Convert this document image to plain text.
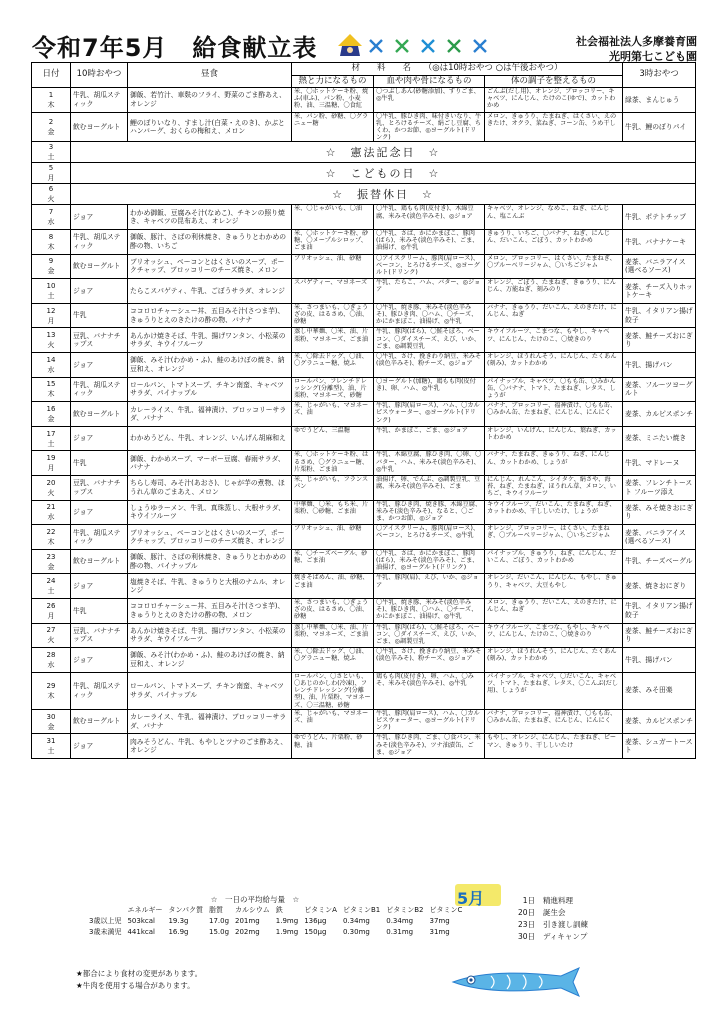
令和7年5月　給食献立表	社会福祉法人多摩養育園
光明第七こども園
日付	10時おやつ	昼食	材　　料　　名　　（◎は10時おやつ ○は午後おやつ）			3時おやつ
			熱と力になるもの	血や肉や骨になるもの	体の調子を整えるもの	

1
木	牛乳、胡瓜スティック	御飯、若竹汁、車麩のフライ、野菜のごま酢あえ、オレンジ	米、〇ホットケーキ粉、焼ふ(車ふ)、パン粉、小麦粉、油、三温糖、〇食紅	〇つぶしあん(砂糖添加)、すりごま、◎牛乳	ごんぶ(だし用)、オレンジ、ブロッコリー、キャベツ、にんじん、たけのこ(ゆで)、カットわかめ	緑茶、まんじゅう

2
金	飲むヨーグルト	鯉のぼりいなり、すまし汁(白菜・えのき)、かぶとハンバーグ、おくらの梅和え、メロン	米、パン粉、砂糖、〇グラニュー糖	〇牛乳、豚ひき肉、味付きいなり、牛乳、とろけるチーズ、絹ごし豆腐、ちくわ、かつお節、◎ヨーグルト(ドリンク)	メロン、きゅうり、たまねぎ、はくさい、えのきたけ、オクラ、菜ねぎ、コーン缶、うめ干し	牛乳、鯉のぼりパイ

3
土	☆　憲法記念日　☆					

5
月	☆　こどもの日　☆					

6
火	☆　振替休日　☆					

7
水	ジョア	わかめ御飯、豆腐みそ汁(なめこ)、チキンの照り焼き、キャベツの昆布あえ、オレンジ	米、〇じゃがいも、〇油	〇牛乳、鶏もも肉(皮付き)、木綿豆腐、米みそ(淡色辛みそ)、◎ジョア	キャベツ、オレンジ、なめこ、ねぎ、にんじん、塩こんぶ	牛乳、ポテトチップ

8
木	牛乳、胡瓜スティック	御飯、豚汁、さばの利休焼き、きゅうりとわかめの酢の物、いちご	米、〇ホットケーキ粉、砂糖、〇メープルシロップ、ごま油	〇牛乳、さば、かにかまぼこ、豚肉(ばら)、米みそ(淡色辛みそ)、ごま、油揚げ、◎牛乳	きゅうり、いちご、〇バナナ、ねぎ、にんじん、だいこん、ごぼう、カットわかめ	牛乳、バナナケーキ

9
金	飲むヨーグルト	ブリオッシュ、ベーコンとはくさいのスープ、ポークチャップ、ブロッコリーのチーズ焼き、メロン	ブリオッシュ、油、砂糖	〇アイスクリーム、豚肉(肩ロース)、ベーコン、とろけるチーズ、◎ヨーグルト(ドリンク)	メロン、ブロッコリー、はくさい、たまねぎ、〇ブルーベリージャム、〇いちごジャム	麦茶、バニラアイス(選べるソース)

10
土	ジョア	たらこスパゲティ、牛乳、ごぼうサラダ、オレンジ	スパゲティー、マヨネーズ	牛乳、たらこ、ハム、バター、◎ジョア	オレンジ、ごぼう、たまねぎ、きゅうり、にんじん、万能ねぎ、刻みのり	麦茶、チーズ入りホットケーキ

12
月	牛乳	ココロロチャーシュー丼、五目みそ汁(さつま芋)、きゅうりとえのきたけの酢の物、バナナ	米、さつまいも、〇ぎょうざの皮、はるさめ、〇油、砂糖	〇牛乳、焼き豚、米みそ(淡色辛みそ)、豚ひき肉、〇ハム、〇チーズ、かにかまぼこ、油揚げ、◎牛乳	バナナ、きゅうり、だいこん、えのきたけ、にんじん、ねぎ	牛乳、イタリアン揚げ餃子

13
火	豆乳、バナナチップス	あんかけ焼きそば、牛乳、揚げワンタン、小松菜のサラダ、キウイフルーツ	蒸し中華麺、〇米、油、片栗粉、マヨネーズ、ごま油	牛乳、豚肉(ばら)、〇鮭そぼろ、ベーコン、〇ダイスチーズ、えび、いか、ごま、◎調製豆乳	キウイフルーツ、こまつな、もやし、キャベツ、にんじん、たけのこ、〇焼きのり	麦茶、鮭チーズおにぎり

14
水	ジョア	御飯、みそ汁(わかめ・ふ)、鮭のあけぼの焼き、納豆和え、オレンジ	米、〇除去ドッグ、〇油、〇グラニュー糖、焼ふ	〇牛乳、さけ、挽きわり納豆、米みそ(淡色辛みそ)、粉チーズ、◎ジョア	オレンジ、ほうれんそう、にんじん、たくあん(刻み)、カットわかめ	牛乳、揚げパン

15
木	牛乳、胡瓜スティック	ロールパン、トマトスープ、チキン南蛮、キャベツサラダ、パイナップル	ロールパン、フレンチドレッシング(分離型)、油、片栗粉、マヨネーズ、砂糖	〇ヨーグルト(加糖)、鶏もも肉(皮付き)、卵、ハム、◎牛乳	パイナップル、キャベツ、〇もも缶、〇みかん缶、〇バナナ、トマト、たまねぎ、レタス、しょうが	麦茶、フルーツヨーグルト

16
金	飲むヨーグルト	カレーライス、牛乳、福神漬け、ブロッコリーサラダ、バナナ	米、じゃがいも、マヨネーズ、油	牛乳、豚肉(肩ロース)、ハム、〇カルピスウォーター、◎ヨーグルト(ドリンク)	バナナ、ブロッコリー、福神漬け、〇もも缶、〇みかん缶、たまねぎ、にんじん、にんにく	麦茶、カルピスポンチ

17
土	ジョア	わかめうどん、牛乳、オレンジ、いんげん胡麻和え	ゆでうどん、三温糖	牛乳、かまぼこ、ごま、◎ジョア	オレンジ、いんげん、にんじん、葉ねぎ、カットわかめ	麦茶、ミニたい焼き

19
月	牛乳	御飯、わかめスープ、マーボー豆腐、春雨サラダ、バナナ	米、〇ホットケーキ粉、はるさめ、〇グラニュー糖、片栗粉、ごま油	牛乳、木綿豆腐、豚ひき肉、〇卵、〇バター、ハム、米みそ(淡色辛みそ)、◎牛乳	バナナ、たまねぎ、きゅうり、ねぎ、にんじん、カットわかめ、しょうが	牛乳、マドレーヌ

20
火	豆乳、バナナチップス	ちらし寿司、みそ汁(あおさ)、じゃが芋の煮物、ほうれん草のごまあえ、メロン	米、じゃがいも、フランスパン	油揚げ、卵、でんぶ、◎調製豆乳、豆腐、米みそ(淡色辛みそ)、ごま	にんじん、れんこん、シイタケ、絹さや、海苔、ねぎ、たまねぎ、ほうれん草、メロン、いちご、キウイフルーツ	麦茶、フレンチトースト フルーツ添え

21
水	ジョア	しょうゆラーメン、牛乳、真珠蒸し、大根サラダ、キウイフルーツ	中華麺、〇米、もち米、片栗粉、〇砂糖、ごま油	牛乳、豚ひき肉、焼き豚、木綿豆腐、米みそ(淡色辛みそ)、なると、〇ごま、かつお節、◎ジョア	キウイフルーツ、だいこん、たまねぎ、ねぎ、カットわかめ、干ししいたけ、しょうが	麦茶、みそ焼きおにぎり

22
木	牛乳、胡瓜スティック	ブリオッシュ、ベーコンとはくさいのスープ、ポークチャップ、ブロッコリーのチーズ焼き、オレンジ	ブリオッシュ、油、砂糖	〇アイスクリーム、豚肉(肩ロース)、ベーコン、とろけるチーズ、◎牛乳	オレンジ、ブロッコリー、はくさい、たまねぎ、〇ブルーベリージャム、〇いちごジャム	麦茶、バニラアイス(選べるソース)

23
金	飲むヨーグルト	御飯、豚汁、さばの利休焼き、きゅうりとわかめの酢の物、パイナップル	米、〇チーズベーグル、砂糖、ごま油	〇牛乳、さば、かにかまぼこ、豚肉(ばら)、米みそ(淡色辛みそ)、ごま、油揚げ、◎ヨーグルト(ドリンク)	パイナップル、きゅうり、ねぎ、にんじん、だいこん、ごぼう、カットわかめ	牛乳、チーズベーグル

24
土	ジョア	塩焼きそば、牛乳、きゅうりと大根のナムル、オレンジ	焼きそばめん、油、砂糖、ごま油	牛乳、豚肉(肩)、えび、いか、◎ジョア	オレンジ、だいこん、にんじん、もやし、きゅうり、キャベツ、大豆もやし	麦茶、焼きおにぎり

26
月	牛乳	ココロロチャーシュー丼、五目みそ汁(さつま芋)、きゅうりとえのきたけの酢の物、メロン	米、さつまいも、〇ぎょうざの皮、はるさめ、〇油、砂糖	〇牛乳、焼き豚、米みそ(淡色辛みそ)、豚ひき肉、〇ハム、〇チーズ、かにかまぼこ、油揚げ、◎牛乳	メロン、きゅうり、だいこん、えのきたけ、にんじん、ねぎ	牛乳、イタリアン揚げ餃子

27
火	豆乳、バナナチップス	あんかけ焼きそば、牛乳、揚げワンタン、小松菜のサラダ、キウイフルーツ	蒸し中華麺、〇米、油、片栗粉、マヨネーズ、ごま油	牛乳、豚肉(ばら)、〇鮭そぼろ、ベーコン、〇ダイスチーズ、えび、いか、ごま、◎調製豆乳	キウイフルーツ、こまつな、もやし、キャベツ、にんじん、たけのこ、〇焼きのり	麦茶、鮭チーズおにぎり

28
水	ジョア	御飯、みそ汁(わかめ・ふ)、鮭のあけぼの焼き、納豆和え、オレンジ	米、〇除去ドッグ、〇油、〇グラニュー糖、焼ふ	〇牛乳、さけ、挽きわり納豆、米みそ(淡色辛みそ)、粉チーズ、◎ジョア	オレンジ、ほうれんそう、にんじん、たくあん(刻み)、カットわかめ	牛乳、揚げパン

29
木	牛乳、胡瓜スティック	ロールパン、トマトスープ、チキン南蛮、キャベツサラダ、パイナップル	ロールパン、〇さといも、〇あじのかしわ(冷凍)、フレンチドレッシング(分離型)、油、片栗粉、マヨネーズ、〇三温糖、砂糖	鶏もも肉(皮付き)、卵、ハム、〇みそ、米みそ(淡色辛みそ)、◎牛乳	パイナップル、キャベツ、〇だいこん、キャベツ、トマト、たまねぎ、レタス、〇こんぶ(だし用)、しょうが	麦茶、みそ田楽

30
金	飲むヨーグルト	カレーライス、牛乳、福神漬け、ブロッコリーサラダ、バナナ	米、じゃがいも、マヨネーズ、油	牛乳、豚肉(肩ロース)、ハム、〇カルピスウォーター、◎ヨーグルト(ドリンク)	バナナ、ブロッコリー、福神漬け、〇もも缶、〇みかん缶、たまねぎ、にんじん、にんにく	麦茶、カルピスポンチ

31
土	ジョア	肉みそうどん、牛乳、もやしとツナのごま酢あえ、オレンジ	ゆでうどん、片栗粉、砂糖、油	牛乳、豚ひき肉、ごま、〇食パン、米みそ(淡色辛みそ)、ツナ油漬缶、ごま、◎ジョア	もやし、オレンジ、にんじん、たまねぎ、ピーマン、きゅうり、干ししいたけ	麦茶、シュガートースト
☆　一日の平均給与量　☆
	エネルギー	タンパク質	脂質	カルシウム	鉄	ビタミンA	ビタミンB1	ビタミンB2	ビタミンC
3歳以上児	503kcal	19.3g	17.0g	201mg	1.9mg	136μg	0.34mg	0.34mg	37mg
3歳未満児	441kcal	16.9g	15.0g	202mg	1.9mg	150μg	0.30mg	0.31mg	31mg
★都合により食材の変更があります。
★牛肉を使用する場合があります。
5月	1日 精進料理
20日 誕生会
23日 引き渡し訓練
30日 ディキャンプ
